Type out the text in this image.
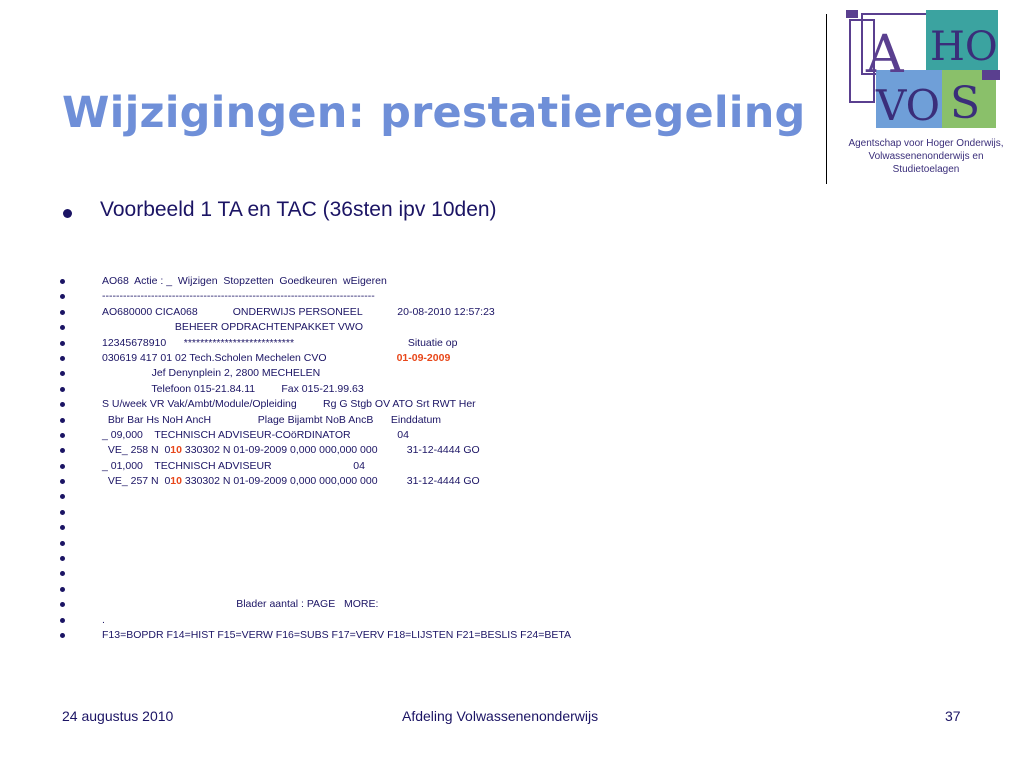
Wijzigingen: prestatieregeling
A HO
VO S
Agentschap voor Hoger Onderwijs,
Volwassenenonderwijs en Studietoelagen
Voorbeeld 1 TA en TAC (36sten ipv 10den)
AO68  Actie : _  Wijzigen  Stopzetten  Goedkeuren  wEigeren
------------------------------------------------------------------------------
AO680000 CICA068            ONDERWIJS PERSONEEL            20-08-2010 12:57:23
BEHEER OPDRACHTENPAKKET VWO
12345678910      ***************************                                       Situatie op
030619 417 01 02 Tech.Scholen Mechelen CVO                        01-09-2009
Jef Denynplein 2, 2800 MECHELEN
Telefoon 015-21.84.11         Fax 015-21.99.63
S U/week VR Vak/Ambt/Module/Opleiding         Rg G Stgb OV ATO Srt RWT Her
Bbr Bar Hs NoH AncH                Plage Bijambt NoB AncB      Einddatum
_ 09,000    TECHNISCH ADVISEUR-COöRDINATOR                04
VE_ 258 N  010 330302 N 01-09-2009 0,000 000,000 000          31-12-4444 GO
_ 01,000    TECHNISCH ADVISEUR                            04
VE_ 257 N  010 330302 N 01-09-2009 0,000 000,000 000          31-12-4444 GO
Blader aantal : PAGE   MORE:
.
F13=BOPDR F14=HIST F15=VERW F16=SUBS F17=VERV F18=LIJSTEN F21=BESLIS F24=BETA
24 augustus 2010	Afdeling Volwassenenonderwijs	37
